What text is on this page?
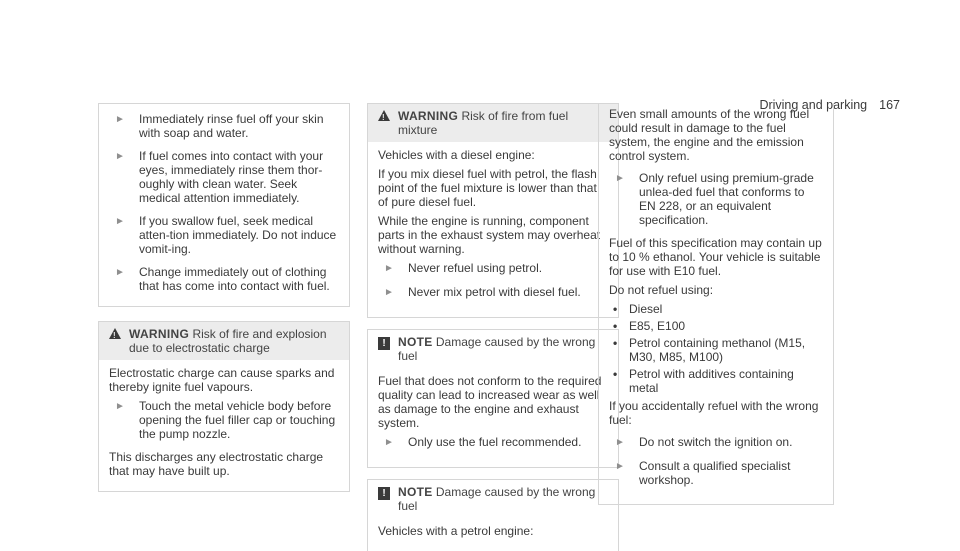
Driving and parking 167
►	Immediately rinse fuel off your skin with soap and water.
►	If fuel comes into contact with your eyes, immediately rinse them thor-oughly with clean water. Seek medical attention immediately.
►	If you swallow fuel, seek medical atten-tion immediately. Do not induce vomit-ing.
►	Change immediately out of clothing that has come into contact with fuel.
!
WARNING Risk of fire and explosion due to electrostatic charge

Electrostatic charge can cause sparks and thereby ignite fuel vapours.

►	Touch the metal vehicle body before opening the fuel filler cap or touching the pump nozzle.

This discharges any electrostatic charge that may have built up.

!
WARNING Risk of fire from fuel mixture

Vehicles with a diesel engine:

If you mix diesel fuel with petrol, the flash point of the fuel mixture is lower than that of pure diesel fuel.

While the engine is running, component parts in the exhaust system may overheat without warning.

►	Never refuel using petrol.
►	Never mix petrol with diesel fuel.
!	NOTE Damage caused by the wrong fuel

Fuel that does not conform to the required quality can lead to increased wear as well as damage to the engine and exhaust system.

►	Only use the fuel recommended.
!	NOTE Damage caused by the wrong fuel

Vehicles with a petrol engine:

Even small amounts of the wrong fuel could result in damage to the fuel system, the engine and the emission control system.

►	Only refuel using premium-grade unlea-ded fuel that conforms to EN 228, or an equivalent specification.

Fuel of this specification may contain up to 10 % ethanol. Your vehicle is suitable for use with E10 fuel.

Do not refuel using:

• Diesel
• E85, E100
• Petrol containing methanol (M15, M30, M85, M100)
• Petrol with additives containing metal

If you accidentally refuel with the wrong fuel:

►	Do not switch the ignition on.
►	Consult a qualified specialist workshop.
